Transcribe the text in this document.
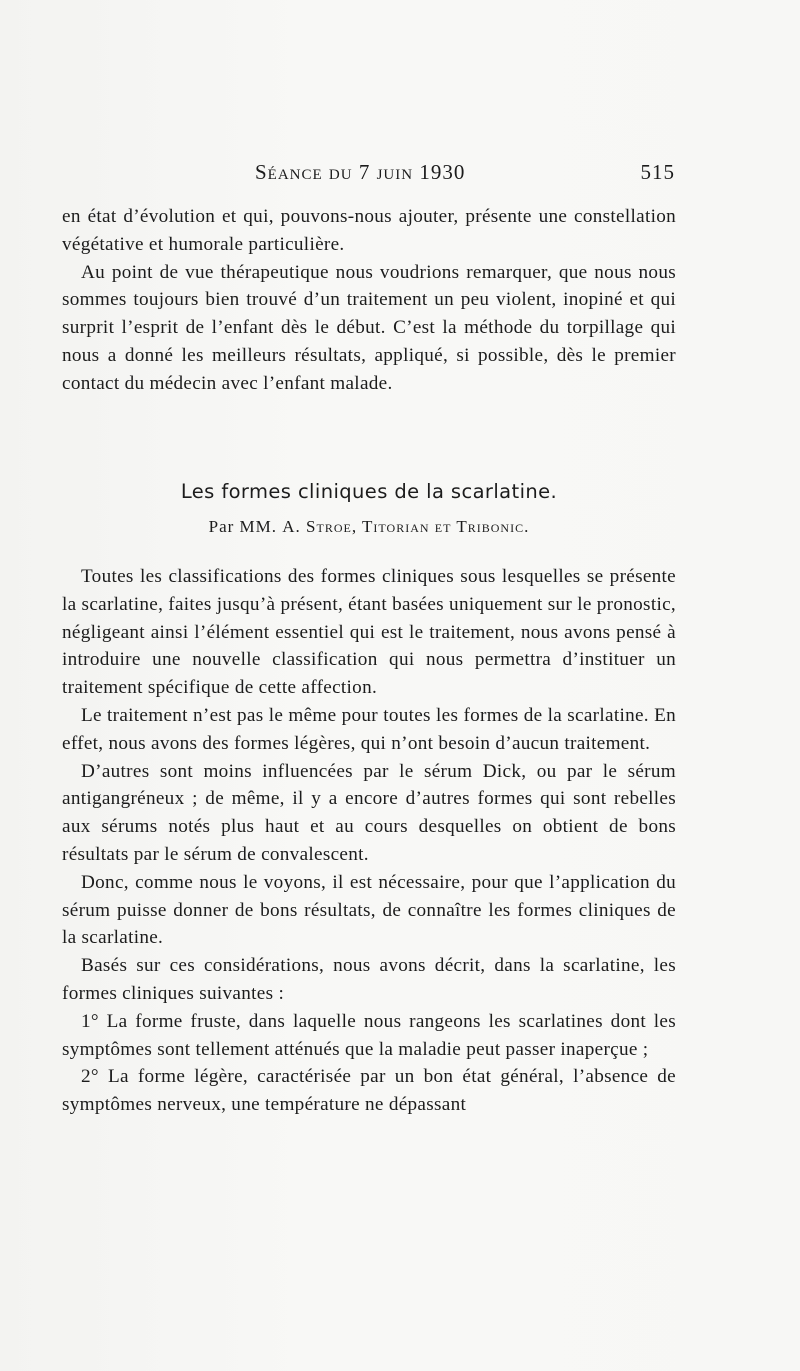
Séance du 7 juin 1930	515

en état d’évolution et qui, pouvons-nous ajouter, présente une constellation végétative et humorale particulière.

Au point de vue thérapeutique nous voudrions remarquer, que nous nous sommes toujours bien trouvé d’un traitement un peu violent, inopiné et qui surprit l’esprit de l’enfant dès le début. C’est la méthode du torpillage qui nous a donné les meilleurs résultats, appliqué, si possible, dès le premier contact du médecin avec l’enfant malade.

Les formes cliniques de la scarlatine.
Par MM. A. Stroe, Titorian et Tribonic.

Toutes les classifications des formes cliniques sous lesquelles se présente la scarlatine, faites jusqu’à présent, étant basées uniquement sur le pronostic, négligeant ainsi l’élément essentiel qui est le traitement, nous avons pensé à introduire une nouvelle classification qui nous permettra d’instituer un traitement spécifique de cette affection.

Le traitement n’est pas le même pour toutes les formes de la scarlatine. En effet, nous avons des formes légères, qui n’ont besoin d’aucun traitement.

D’autres sont moins influencées par le sérum Dick, ou par le sérum antigangréneux ; de même, il y a encore d’autres formes qui sont rebelles aux sérums notés plus haut et au cours desquelles on obtient de bons résultats par le sérum de convalescent.

Donc, comme nous le voyons, il est nécessaire, pour que l’application du sérum puisse donner de bons résultats, de connaître les formes cliniques de la scarlatine.

Basés sur ces considérations, nous avons décrit, dans la scarlatine, les formes cliniques suivantes :

1° La forme fruste, dans laquelle nous rangeons les scarlatines dont les symptômes sont tellement atténués que la maladie peut passer inaperçue ;

2° La forme légère, caractérisée par un bon état général, l’absence de symptômes nerveux, une température ne dépassant
